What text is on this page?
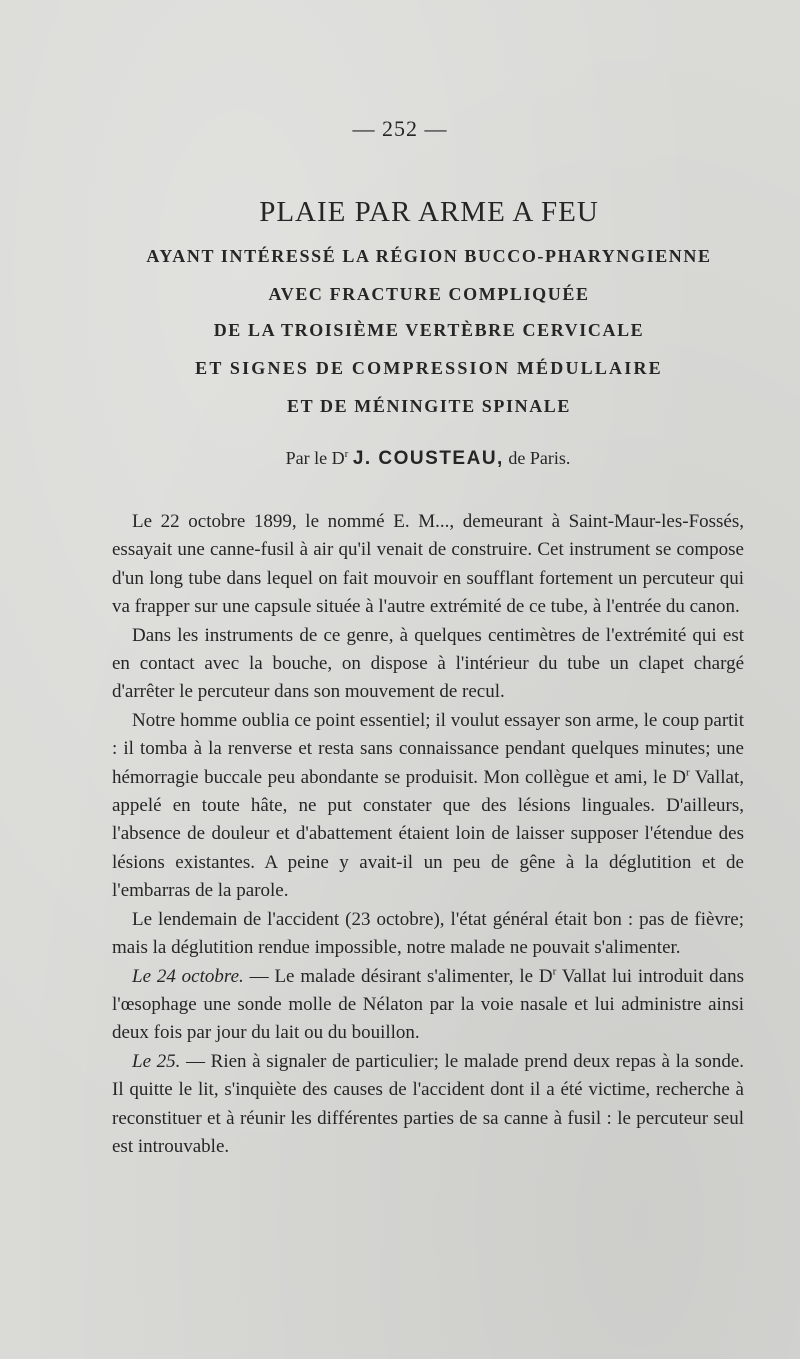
— 252 —
PLAIE PAR ARME A FEU
AYANT INTÉRESSÉ LA RÉGION BUCCO-PHARYNGIENNE
AVEC FRACTURE COMPLIQUÉE
DE LA TROISIÈME VERTÈBRE CERVICALE
ET SIGNES DE COMPRESSION MÉDULLAIRE
ET DE MÉNINGITE SPINALE
Par le $D^r$ J. COUSTEAU, de Paris.

Le 22 octobre 1899, le nommé E. M..., demeurant à Saint-Maur-les-Fossés, essayait une canne-fusil à air qu'il venait de construire. Cet instrument se compose d'un long tube dans lequel on fait mouvoir en soufflant fortement un percuteur qui va frapper sur une capsule située à l'autre extrémité de ce tube, à l'entrée du canon.

Dans les instruments de ce genre, à quelques centimètres de l'extrémité qui est en contact avec la bouche, on dispose à l'intérieur du tube un clapet chargé d'arrêter le percuteur dans son mouvement de recul.

Notre homme oublia ce point essentiel; il voulut essayer son arme, le coup partit : il tomba à la renverse et resta sans connaissance pendant quelques minutes; une hémorragie buccale peu abondante se produisit. Mon collègue et ami, le $D^r$ Vallat, appelé en toute hâte, ne put constater que des lésions linguales. D'ailleurs, l'absence de douleur et d'abattement étaient loin de laisser supposer l'étendue des lésions existantes. A peine y avait-il un peu de gêne à la déglutition et de l'embarras de la parole.

Le lendemain de l'accident (23 octobre), l'état général était bon : pas de fièvre; mais la déglutition rendue impossible, notre malade ne pouvait s'alimenter.

Le 24 octobre. — Le malade désirant s'alimenter, le $D^r$ Vallat lui introduit dans l'œsophage une sonde molle de Nélaton par la voie nasale et lui administre ainsi deux fois par jour du lait ou du bouillon.

Le 25. — Rien à signaler de particulier; le malade prend deux repas à la sonde. Il quitte le lit, s'inquiète des causes de l'accident dont il a été victime, recherche à reconstituer et à réunir les différentes parties de sa canne à fusil : le percuteur seul est introuvable.
